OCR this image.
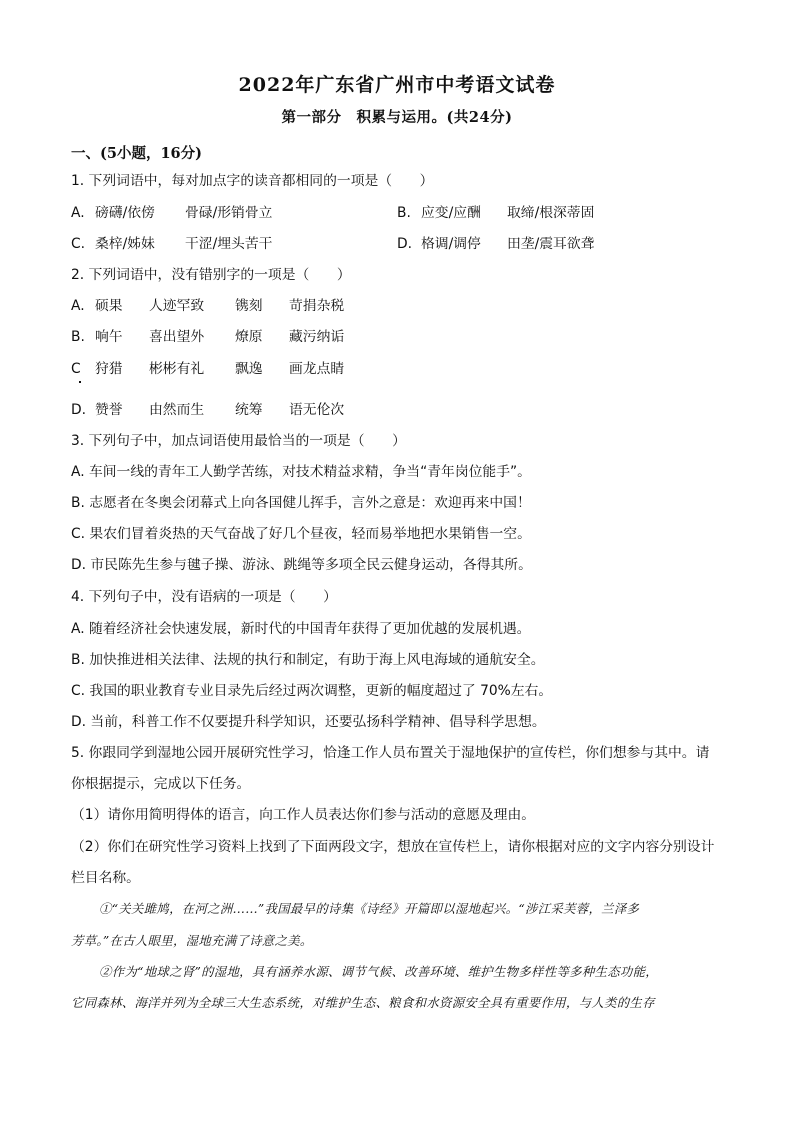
2022年广东省广州市中考语文试卷
第一部分　积累与运用。(共24分)
一、(5小题，16分)
1. 下列词语中，每对加点字的读音都相同的一项是（　　）
A. 磅礴/依傍 骨碌/形销骨立	B. 应变/应酬 取缔/根深蒂固
C. 桑梓/姊妹 干涩/埋头苦干	D. 格调/调停 田垄/震耳欲聋
2. 下列词语中，没有错别字的一项是（　　）
A. 硕果 人迹罕致 镌刻 苛捐杂税
B. 响午 喜出望外 燎原 藏污纳诟
C 狩猎 彬彬有礼 飘逸 画龙点睛
D. 赞誉 由然而生 统筹 语无伦次
3. 下列句子中，加点词语使用最恰当的一项是（　　）
A. 车间一线的青年工人勤学苦练，对技术精益求精，争当“青年岗位能手”。
B. 志愿者在冬奥会闭幕式上向各国健儿挥手，言外之意是：欢迎再来中国！
C. 果农们冒着炎热的天气奋战了好几个昼夜，轻而易举地把水果销售一空。
D. 市民陈先生参与毽子操、游泳、跳绳等多项全民云健身运动，各得其所。
4. 下列句子中，没有语病的一项是（　　）
A. 随着经济社会快速发展，新时代的中国青年获得了更加优越的发展机遇。
B. 加快推进相关法律、法规的执行和制定，有助于海上风电海域的通航安全。
C. 我国的职业教育专业目录先后经过两次调整，更新的幅度超过了 70%左右。
D. 当前，科普工作不仅要提升科学知识，还要弘扬科学精神、倡导科学思想。
5. 你跟同学到湿地公园开展研究性学习，恰逢工作人员布置关于湿地保护的宣传栏，你们想参与其中。请
你根据提示，完成以下任务。
（1）请你用简明得体的语言，向工作人员表达你们参与活动的意愿及理由。
（2）你们在研究性学习资料上找到了下面两段文字，想放在宣传栏上，请你根据对应的文字内容分别设计
栏目名称。
①“关关雎鸠，在河之洲……”我国最早的诗集《诗经》开篇即以湿地起兴。“涉江采芙蓉，兰泽多
芳草。”在古人眼里，湿地充满了诗意之美。
②作为“地球之肾”的湿地，具有涵养水源、调节气候、改善环境、维护生物多样性等多种生态功能，
它同森林、海洋并列为全球三大生态系统，对维护生态、粮食和水资源安全具有重要作用，与人类的生存
